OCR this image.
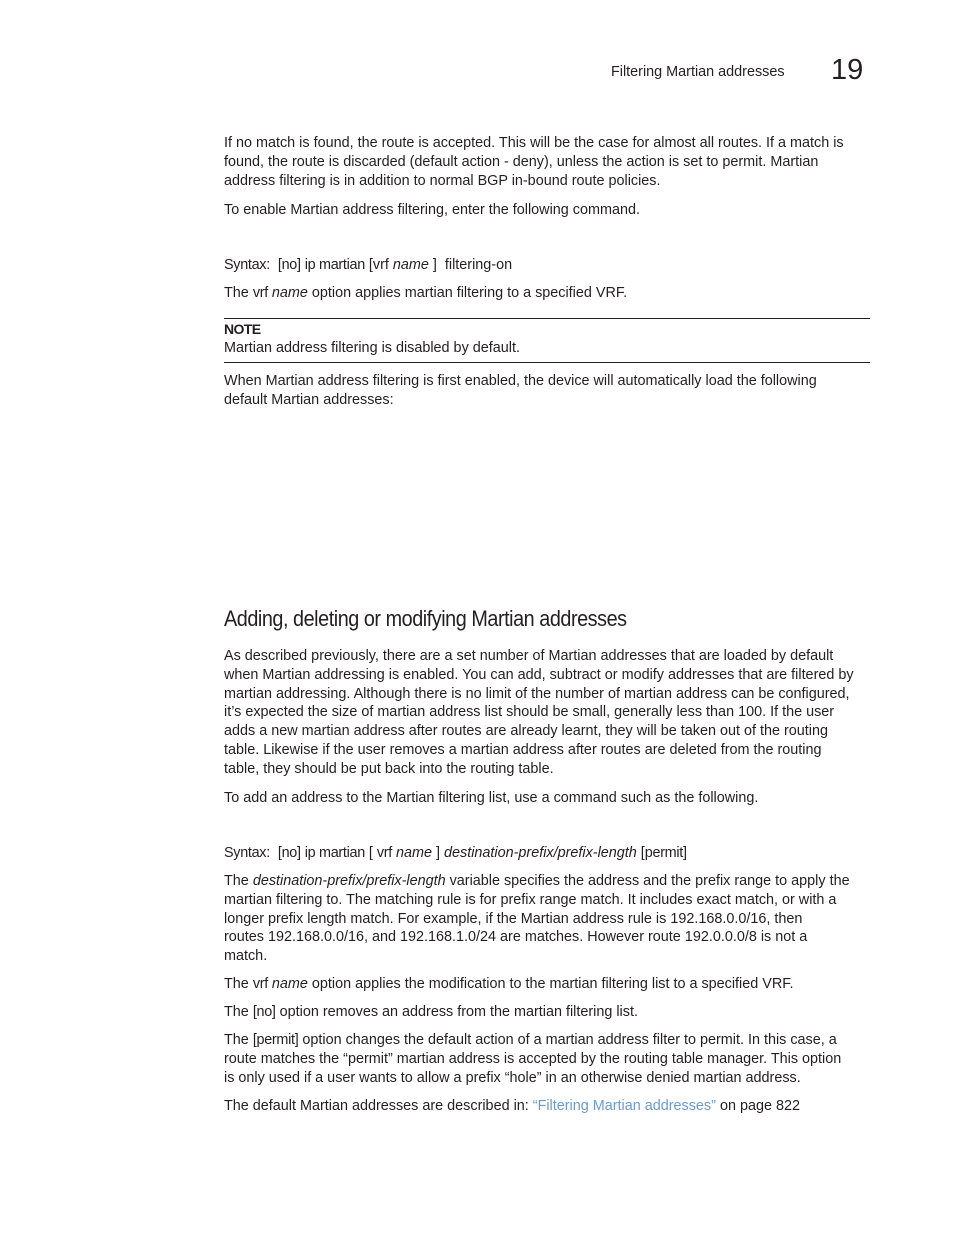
Filtering Martian addresses 19
If no match is found, the route is accepted. This will be the case for almost all routes. If a match is
found, the route is discarded (default action - deny), unless the action is set to permit. Martian
address filtering is in addition to normal BGP in-bound route policies.
To enable Martian address filtering, enter the following command.
Syntax: [no] ip martian [vrf name ] filtering-on
The vrf name option applies martian filtering to a specified VRF.
NOTE
Martian address filtering is disabled by default.
When Martian address filtering is first enabled, the device will automatically load the following
default Martian addresses:
Adding, deleting or modifying Martian addresses
As described previously, there are a set number of Martian addresses that are loaded by default
when Martian addressing is enabled. You can add, subtract or modify addresses that are filtered by
martian addressing. Although there is no limit of the number of martian address can be configured,
it’s expected the size of martian address list should be small, generally less than 100. If the user
adds a new martian address after routes are already learnt, they will be taken out of the routing
table. Likewise if the user removes a martian address after routes are deleted from the routing
table, they should be put back into the routing table.
To add an address to the Martian filtering list, use a command such as the following.
Syntax: [no] ip martian [ vrf name ] destination-prefix/prefix-length [permit]
The destination-prefix/prefix-length variable specifies the address and the prefix range to apply the
martian filtering to. The matching rule is for prefix range match. It includes exact match, or with a
longer prefix length match. For example, if the Martian address rule is 192.168.0.0/16, then
routes 192.168.0.0/16, and 192.168.1.0/24 are matches. However route 192.0.0.0/8 is not a
match.
The vrf name option applies the modification to the martian filtering list to a specified VRF.
The [no] option removes an address from the martian filtering list.
The [permit] option changes the default action of a martian address filter to permit. In this case, a
route matches the “permit” martian address is accepted by the routing table manager. This option
is only used if a user wants to allow a prefix “hole” in an otherwise denied martian address.
The default Martian addresses are described in: “Filtering Martian addresses” on page 822
